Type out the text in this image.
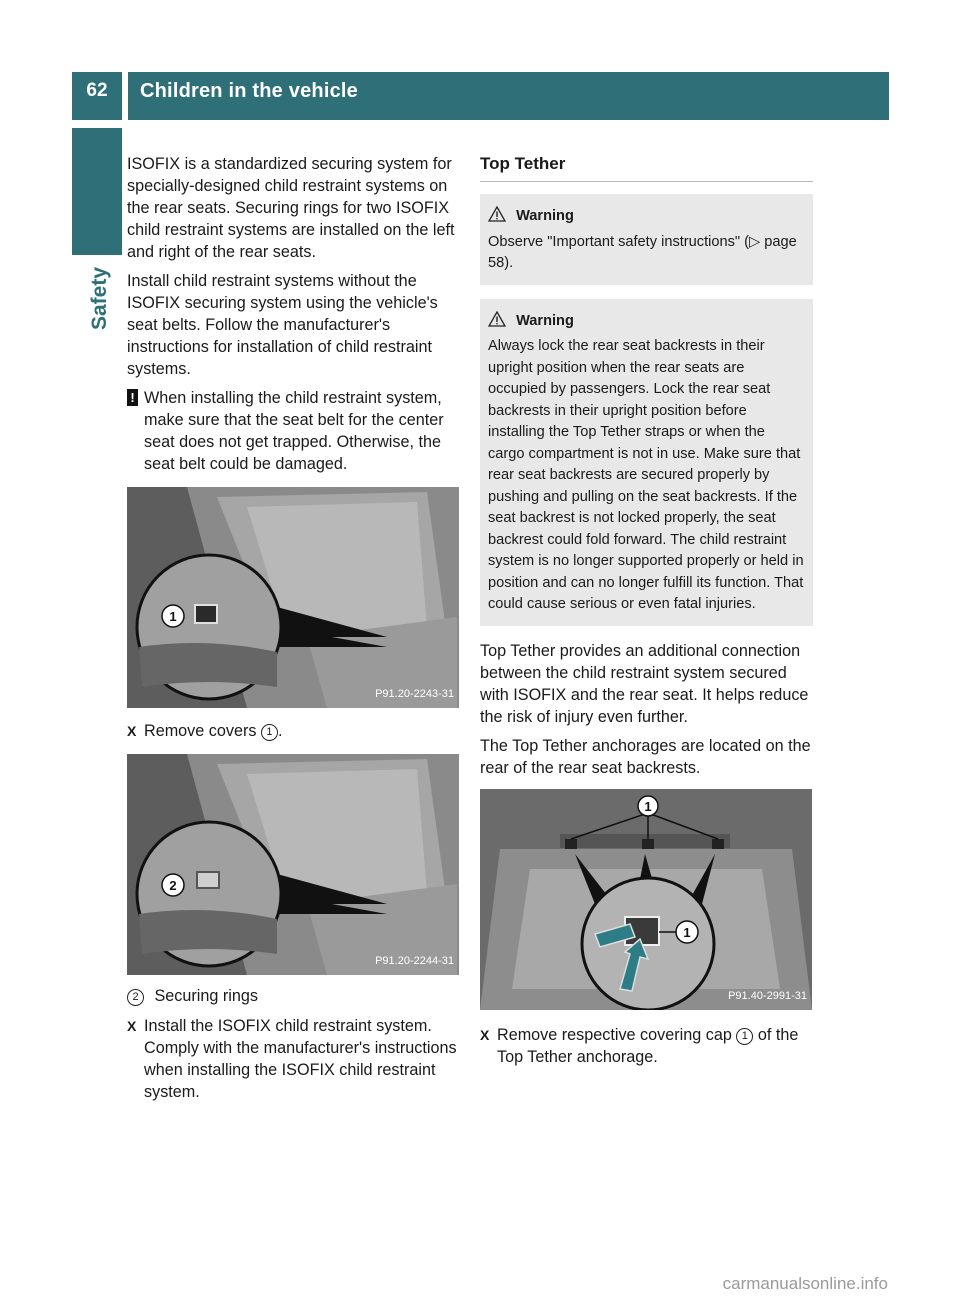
62	Children in the vehicle
Safety

ISOFIX is a standardized securing system for specially-designed child restraint systems on the rear seats. Securing rings for two ISOFIX child restraint systems are installed on the left and right of the rear seats.

Install child restraint systems without the ISOFIX securing system using the vehicle's seat belts. Follow the manufacturer's instructions for installation of child restraint systems.

! When installing the child restraint system, make sure that the seat belt for the center seat does not get trapped. Otherwise, the seat belt could be damaged.
1
P91.20-2243-31
X Remove covers 1 .
2
P91.20-2244-31
2 Securing rings
X Install the ISOFIX child restraint system. Comply with the manufacturer's instructions when installing the ISOFIX child restraint system.
Top Tether
Warning
Observe "Important safety instructions" (▷ page 58).
Warning
Always lock the rear seat backrests in their upright position when the rear seats are occupied by passengers. Lock the rear seat backrests in their upright position before installing the Top Tether straps or when the cargo compartment is not in use. Make sure that rear seat backrests are secured properly by pushing and pulling on the seat backrests. If the seat backrest is not locked properly, the seat backrest could fold forward. The child restraint system is no longer supported properly or held in position and can no longer fulfill its function. That could cause serious or even fatal injuries.

Top Tether provides an additional connection between the child restraint system secured with ISOFIX and the rear seat. It helps reduce the risk of injury even further.

The Top Tether anchorages are located on the rear of the rear seat backrests.

1
1
P91.40-2991-31
X Remove respective covering cap 1 of the Top Tether anchorage.
carmanualsonline.info
